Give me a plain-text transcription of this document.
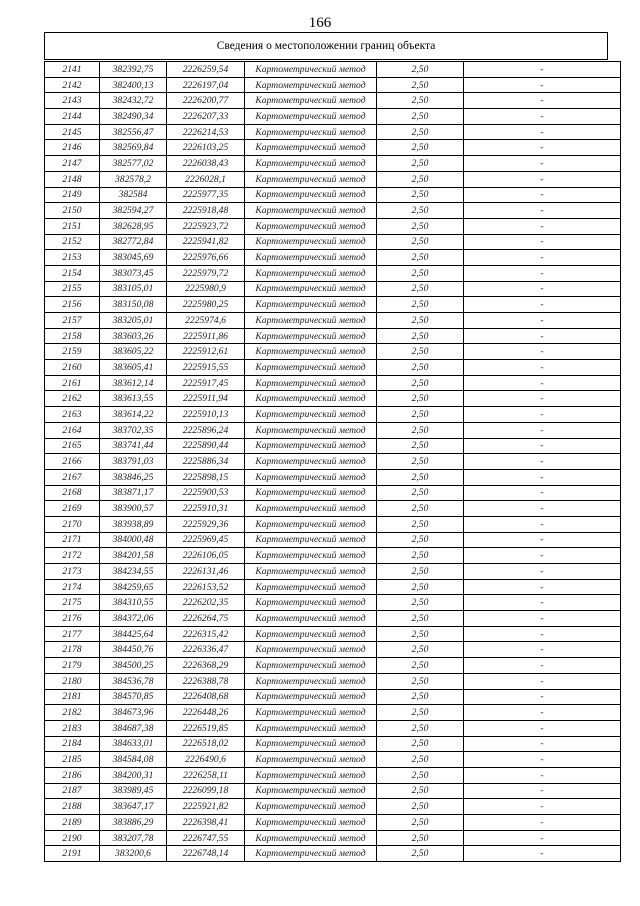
166
Сведения о местоположении границ объекта
2141	382392,75	2226259,54	Картометрический метод	2,50	-
2142	382400,13	2226197,04	Картометрический метод	2,50	-
2143	382432,72	2226200,77	Картометрический метод	2,50	-
2144	382490,34	2226207,33	Картометрический метод	2,50	-
2145	382556,47	2226214,53	Картометрический метод	2,50	-
2146	382569,84	2226103,25	Картометрический метод	2,50	-
2147	382577,02	2226038,43	Картометрический метод	2,50	-
2148	382578,2	2226028,1	Картометрический метод	2,50	-
2149	382584	2225977,35	Картометрический метод	2,50	-
2150	382594,27	2225918,48	Картометрический метод	2,50	-
2151	382628,95	2225923,72	Картометрический метод	2,50	-
2152	382772,84	2225941,82	Картометрический метод	2,50	-
2153	383045,69	2225976,66	Картометрический метод	2,50	-
2154	383073,45	2225979,72	Картометрический метод	2,50	-
2155	383105,01	2225980,9	Картометрический метод	2,50	-
2156	383150,08	2225980,25	Картометрический метод	2,50	-
2157	383205,01	2225974,6	Картометрический метод	2,50	-
2158	383603,26	2225911,86	Картометрический метод	2,50	-
2159	383605,22	2225912,61	Картометрический метод	2,50	-
2160	383605,41	2225915,55	Картометрический метод	2,50	-
2161	383612,14	2225917,45	Картометрический метод	2,50	-
2162	383613,55	2225911,94	Картометрический метод	2,50	-
2163	383614,22	2225910,13	Картометрический метод	2,50	-
2164	383702,35	2225896,24	Картометрический метод	2,50	-
2165	383741,44	2225890,44	Картометрический метод	2,50	-
2166	383791,03	2225886,34	Картометрический метод	2,50	-
2167	383846,25	2225898,15	Картометрический метод	2,50	-
2168	383871,17	2225900,53	Картометрический метод	2,50	-
2169	383900,57	2225910,31	Картометрический метод	2,50	-
2170	383938,89	2225929,36	Картометрический метод	2,50	-
2171	384000,48	2225969,45	Картометрический метод	2,50	-
2172	384201,58	2226106,05	Картометрический метод	2,50	-
2173	384234,55	2226131,46	Картометрический метод	2,50	-
2174	384259,65	2226153,52	Картометрический метод	2,50	-
2175	384310,55	2226202,35	Картометрический метод	2,50	-
2176	384372,06	2226264,75	Картометрический метод	2,50	-
2177	384425,64	2226315,42	Картометрический метод	2,50	-
2178	384450,76	2226336,47	Картометрический метод	2,50	-
2179	384500,25	2226368,29	Картометрический метод	2,50	-
2180	384536,78	2226388,78	Картометрический метод	2,50	-
2181	384570,85	2226408,68	Картометрический метод	2,50	-
2182	384673,96	2226448,26	Картометрический метод	2,50	-
2183	384687,38	2226519,85	Картометрический метод	2,50	-
2184	384633,01	2226518,02	Картометрический метод	2,50	-
2185	384584,08	2226490,6	Картометрический метод	2,50	-
2186	384200,31	2226258,11	Картометрический метод	2,50	-
2187	383989,45	2226099,18	Картометрический метод	2,50	-
2188	383647,17	2225921,82	Картометрический метод	2,50	-
2189	383886,29	2226398,41	Картометрический метод	2,50	-
2190	383207,78	2226747,55	Картометрический метод	2,50	-
2191	383200,6	2226748,14	Картометрический метод	2,50	-
